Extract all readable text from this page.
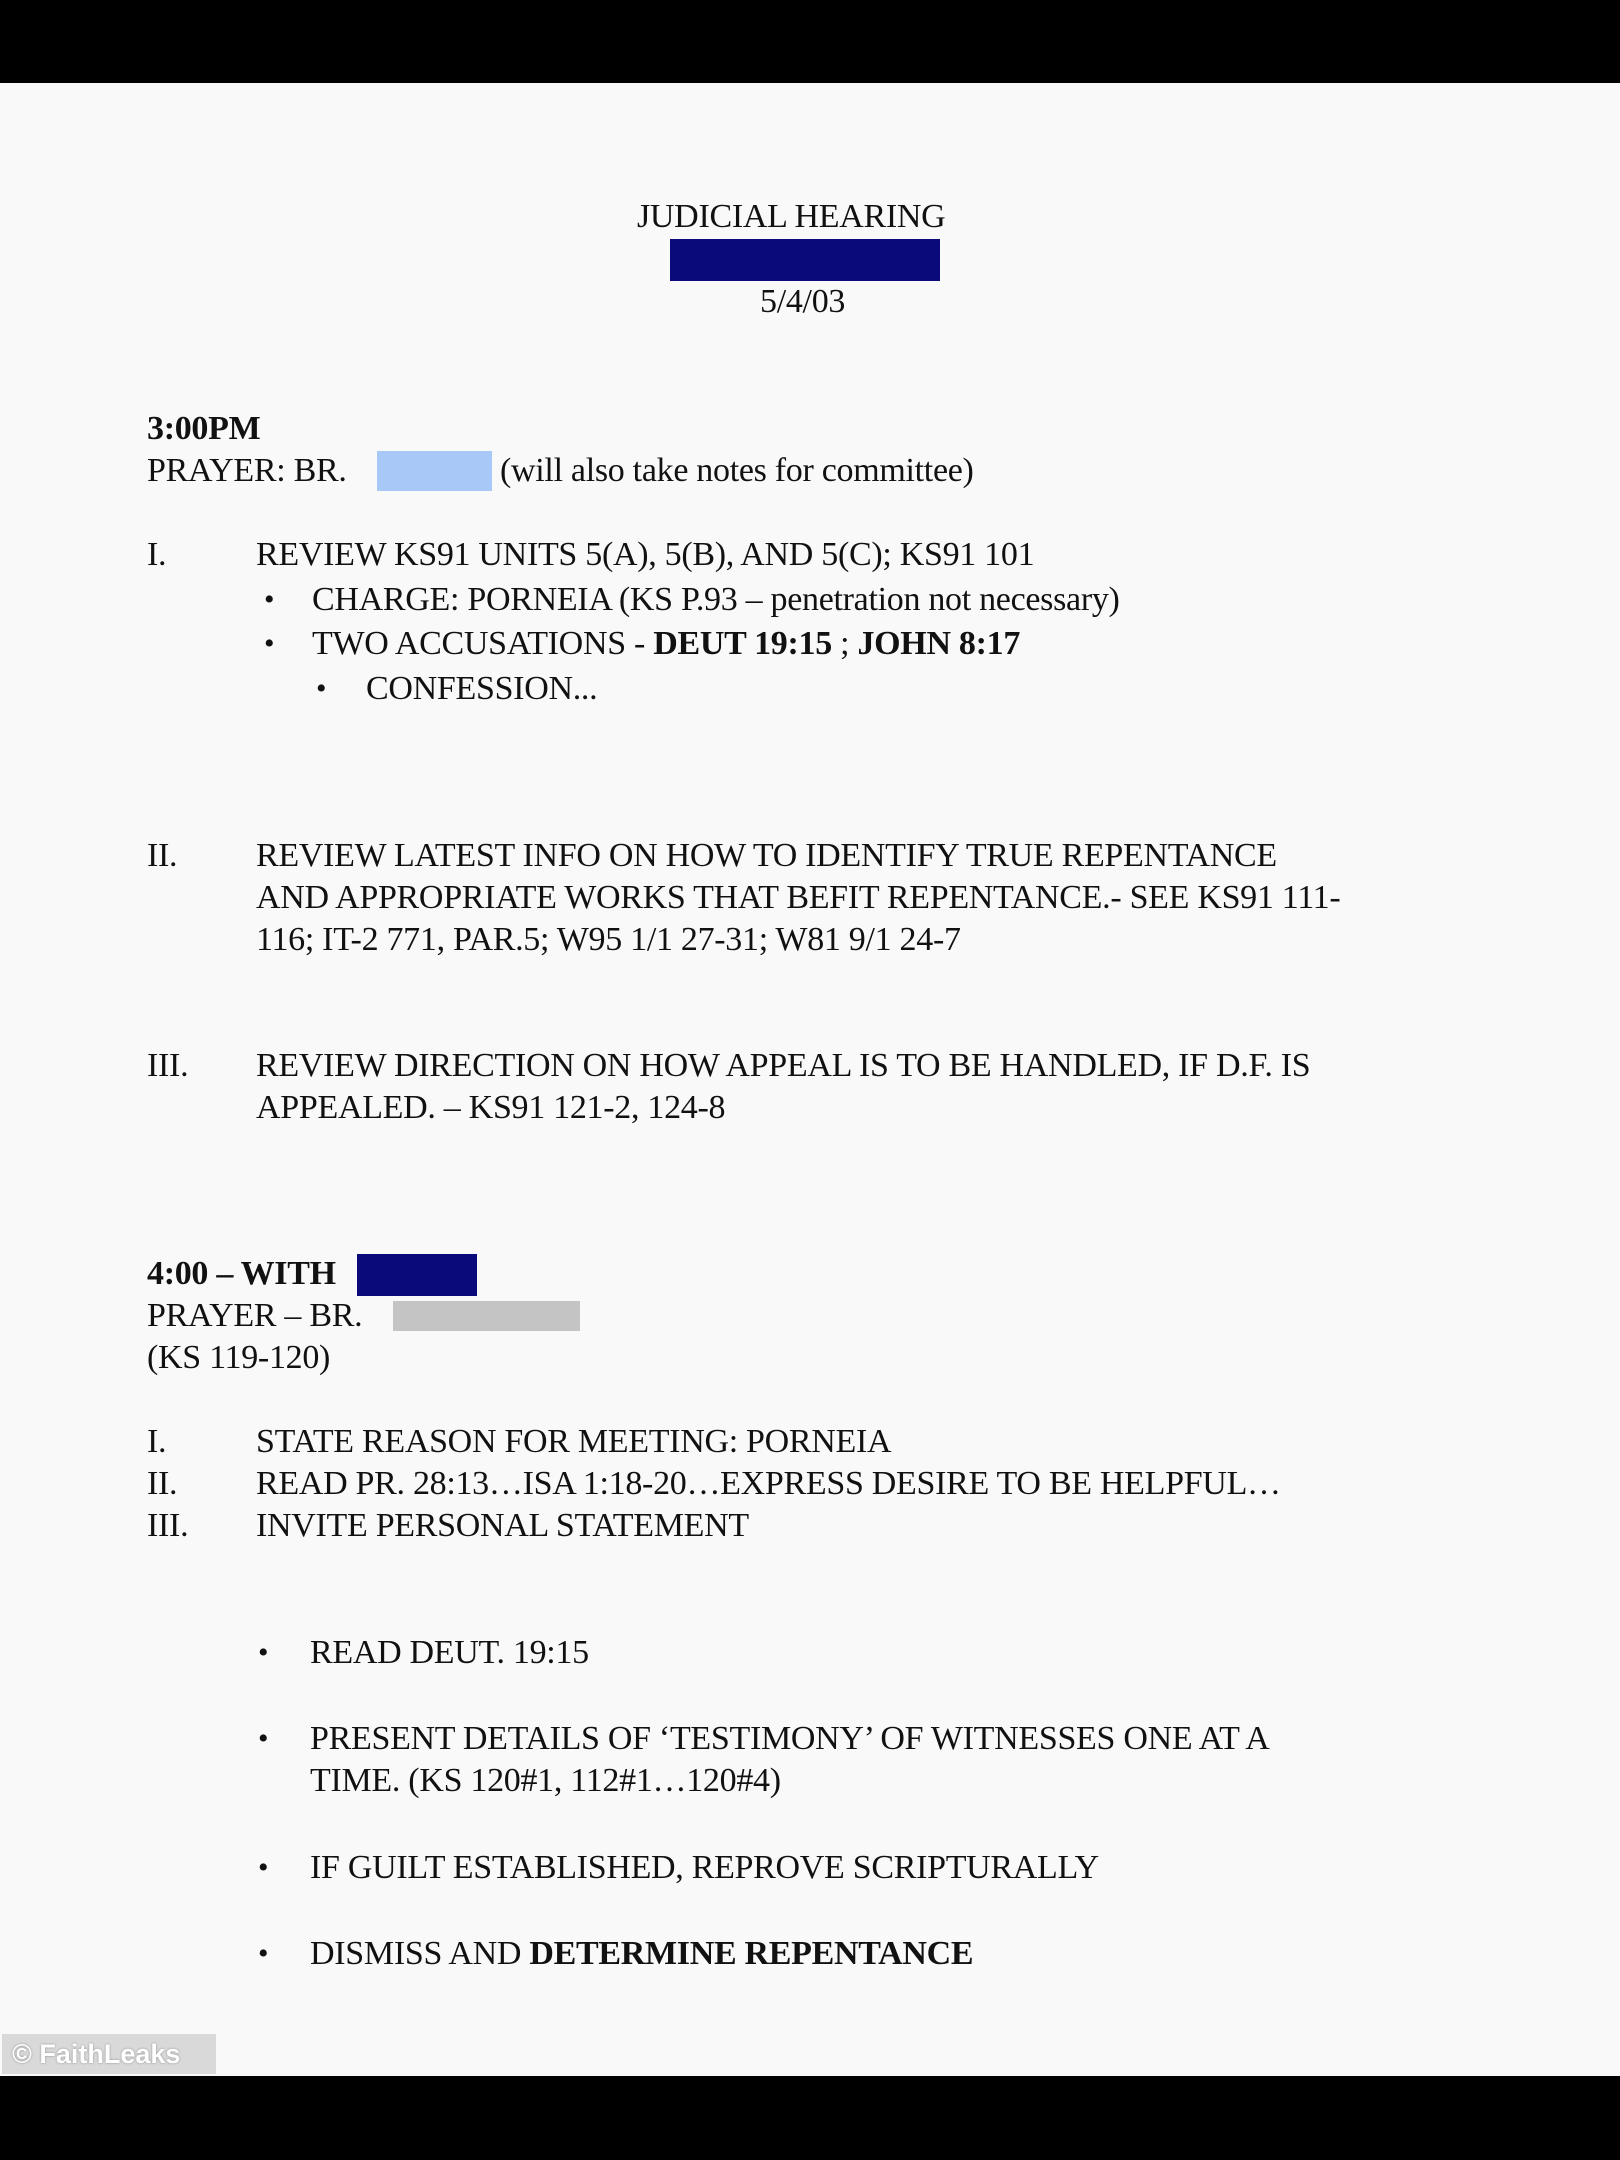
JUDICIAL HEARING
5/4/03
3:00PM
PRAYER: BR.	(will also take notes for committee)
I.	REVIEW KS91 UNITS 5(A), 5(B), AND 5(C); KS91 101
• CHARGE: PORNEIA (KS P.93 – penetration not necessary)
• TWO ACCUSATIONS - DEUT 19:15 ; JOHN 8:17
• CONFESSION...
II. REVIEW LATEST INFO ON HOW TO IDENTIFY TRUE REPENTANCE
AND APPROPRIATE WORKS THAT BEFIT REPENTANCE.- SEE KS91 111-
116; IT-2 771, PAR.5; W95 1/1 27-31; W81 9/1 24-7
III. REVIEW DIRECTION ON HOW APPEAL IS TO BE HANDLED, IF D.F. IS
APPEALED. – KS91 121-2, 124-8
4:00 – WITH
PRAYER – BR.
(KS 119-120)
I.	STATE REASON FOR MEETING: PORNEIA
II. READ PR. 28:13…ISA 1:18-20…EXPRESS DESIRE TO BE HELPFUL…
III. INVITE PERSONAL STATEMENT
• READ DEUT. 19:15
• PRESENT DETAILS OF ‘TESTIMONY’ OF WITNESSES ONE AT A
TIME. (KS 120#1, 112#1…120#4)
• IF GUILT ESTABLISHED, REPROVE SCRIPTURALLY
• DISMISS AND DETERMINE REPENTANCE
© FaithLeaks
